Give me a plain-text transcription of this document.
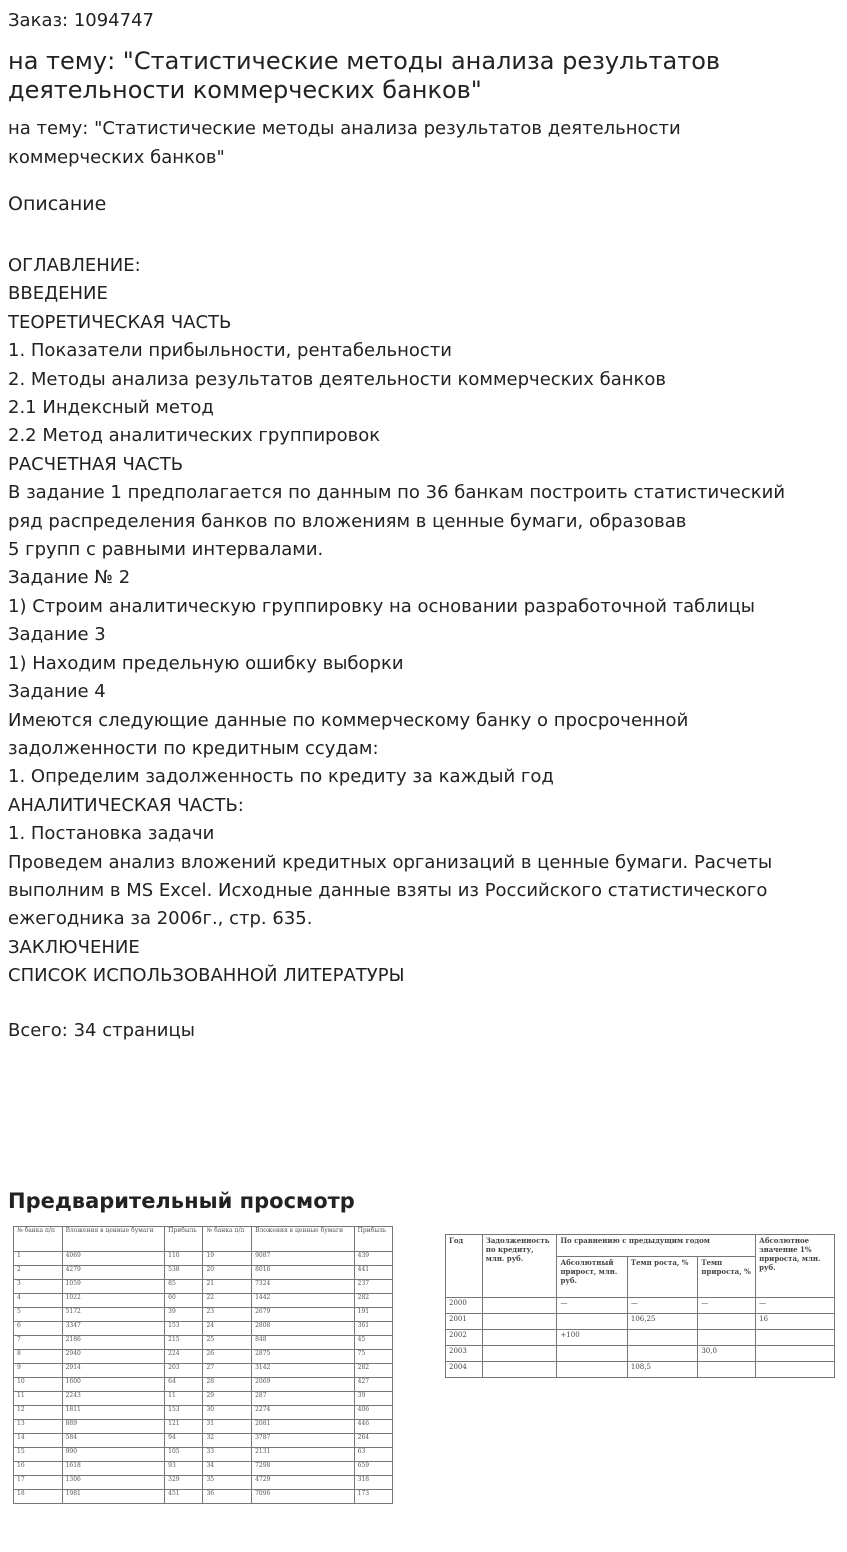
Заказ: 1094747
на тему: "Статистические методы анализа результатов деятельности коммерческих банков"
на тему: "Статистические методы анализа результатов деятельности
коммерческих банков"
Описание
ОГЛАВЛЕНИЕ:
ВВЕДЕНИЕ
ТЕОРЕТИЧЕСКАЯ ЧАСТЬ
1. Показатели прибыльности, рентабельности
2. Методы анализа результатов деятельности коммерческих банков
2.1 Индексный метод
2.2 Метод аналитических группировок
РАСЧЕТНАЯ ЧАСТЬ
В задание 1 предполагается по данным по 36 банкам построить статистический
ряд распределения банков по вложениям в ценные бумаги, образовав
5 групп с равными интервалами.
Задание № 2
1) Строим аналитическую группировку на основании разработочной таблицы
Задание 3
1) Находим предельную ошибку выборки
Задание 4
Имеются следующие данные по коммерческому банку о просроченной
задолженности по кредитным ссудам:
1. Определим задолженность по кредиту за каждый год
АНАЛИТИЧЕСКАЯ ЧАСТЬ:
1. Постановка задачи
Проведем анализ вложений кредитных организаций в ценные бумаги. Расчеты
выполним в MS Excel. Исходные данные взяты из Российского статистического
ежегодника за 2006г., стр. 635.
ЗАКЛЮЧЕНИЕ
СПИСОК ИСПОЛЬЗОВАННОЙ ЛИТЕРАТУРЫ
Всего: 34 страницы
Предварительный просмотр
№ банка п/п	Вложения в ценные бумаги	Прибыль	№ банка п/п	Вложения в ценные бумаги	Прибыль
1	4069	110	19	9087	439
2	4279	538	20	8016	441
3	1059	85	21	7324	237
4	1022	60	22	1442	282
5	5172	39	23	2679	191
6	3347	153	24	2808	361
7	2186	215	25	848	45
8	2940	224	26	2875	75
9	2914	203	27	3142	282
10	1600	64	28	2069	427
11	2243	11	29	287	39
12	1811	153	30	2274	406
13	889	121	31	2081	446
14	584	94	32	3787	264
15	990	105	33	2131	63
16	1618	93	34	7298	659
17	1306	329	35	4729	318
18	1981	451	36	7096	173
Год	Задолженность по кредиту, млн. руб.	По сравнению с предыдущим годом			Абсолютное значение 1% прироста, млн. руб.
		Абсолютный прирост, млн. руб.	Темп роста, %	Темп прироста, %	
2000		—	—	—	—
2001			106,25		16
2002		+100			
2003				30,0	
2004			108,5		
